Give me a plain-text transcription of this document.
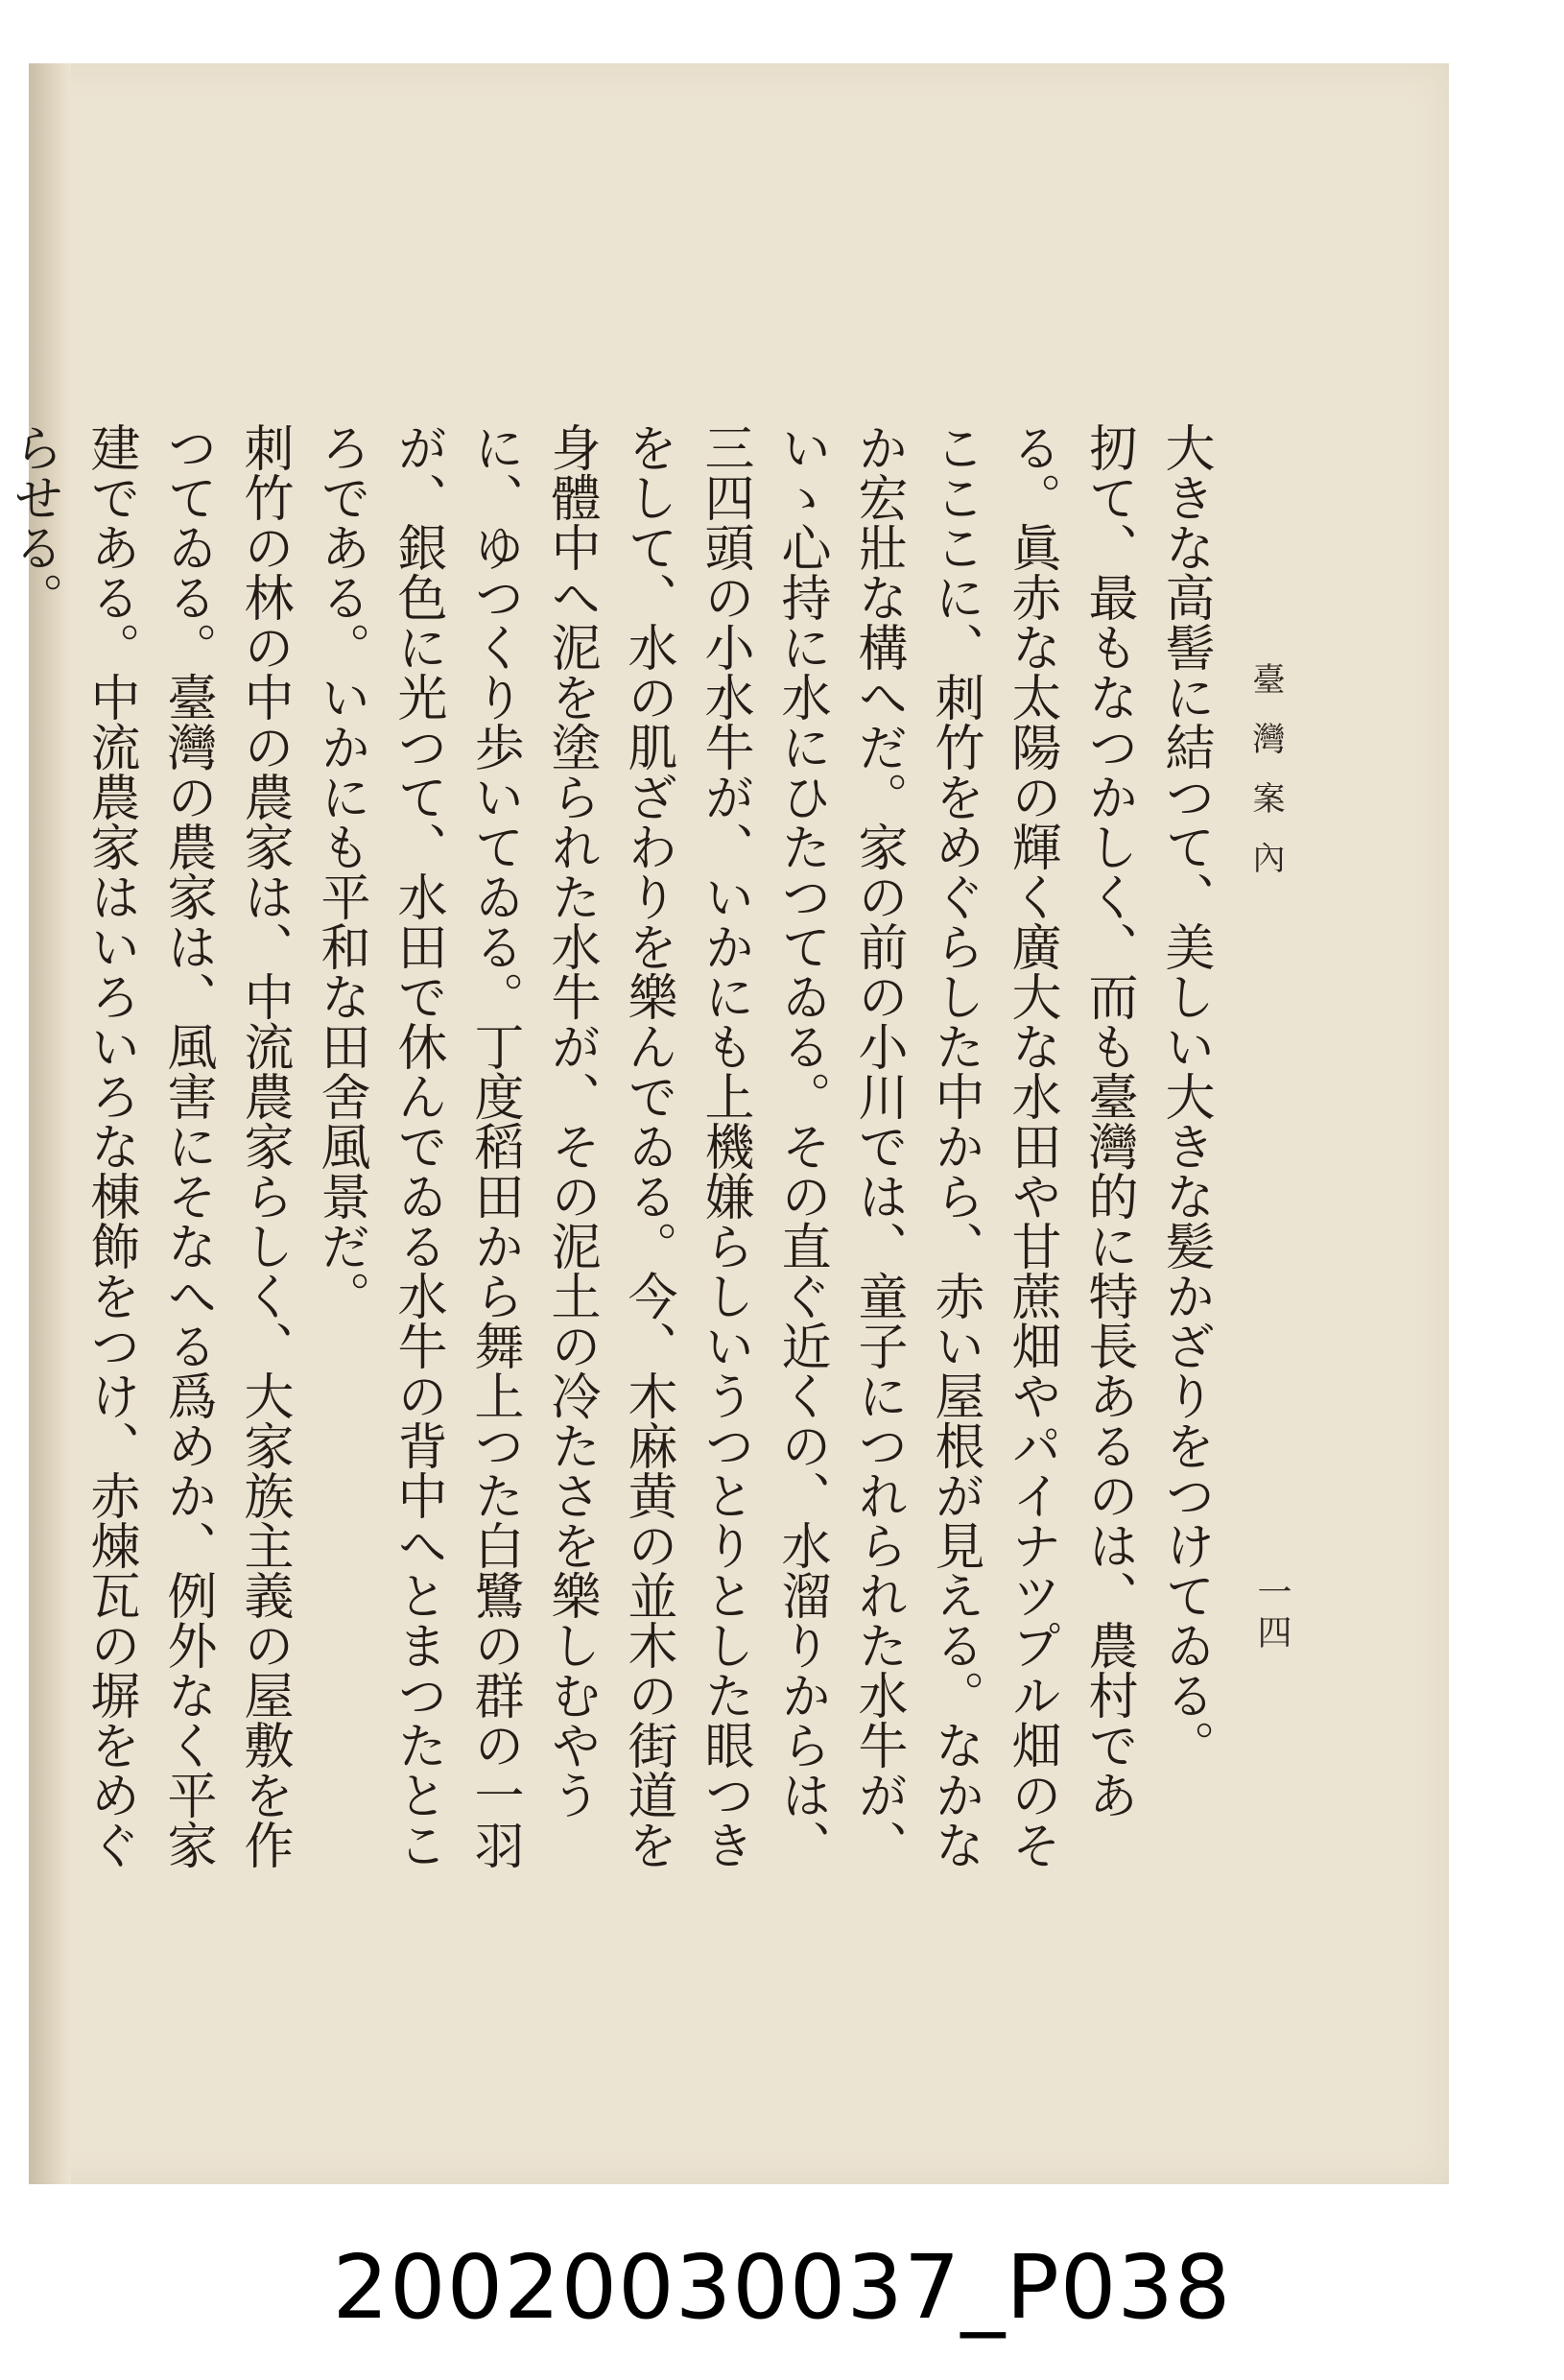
臺灣案內
一四

大きな高髻に結つて、美しい大きな髪かざりをつけてゐる。

扨て、最もなつかしく、而も臺灣的に特長あるのは、農村である。眞赤な太陽の輝く廣大な水田や甘蔗畑やパイナツプル畑のそこここに、刺竹をめぐらした中から、赤い屋根が見える。なかなか宏壯な構へだ。家の前の小川では、童子につれられた水牛が、いゝ心持に水にひたつてゐる。その直ぐ近くの、水溜りからは、三四頭の小水牛が、いかにも上機嫌らしいうつとりとした眼つきをして、水の肌ざわりを樂んでゐる。今、木麻黄の並木の街道を身體中へ泥を塗られた水牛が、その泥土の冷たさを樂しむやうに、ゆつくり歩いてゐる。丁度稻田から舞上つた白鷺の群の一羽が、銀色に光つて、水田で休んでゐる水牛の背中へとまつたところである。いかにも平和な田舍風景だ。

刺竹の林の中の農家は、中流農家らしく、大家族主義の屋敷を作つてゐる。臺灣の農家は、風害にそなへる爲めか、例外なく平家建である。中流農家はいろいろな棟飾をつけ、赤煉瓦の塀をめぐらせる。

20020030037_P038
